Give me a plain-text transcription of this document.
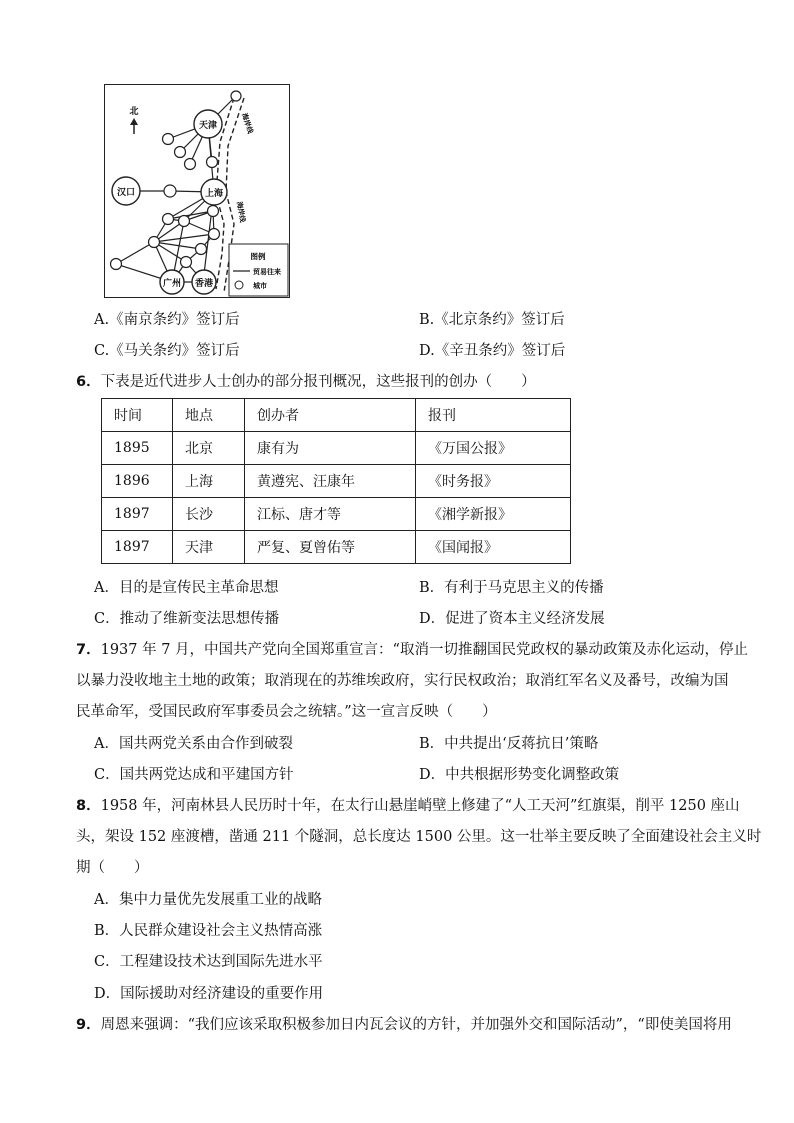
天津
汉口	上海
广州 香港
北
海岸线
海岸线
图例
贸易往来
城市
A.《南京条约》签订后	B.《北京条约》签订后
C.《马关条约》签订后	D.《辛丑条约》签订后
6．下表是近代进步人士创办的部分报刊概况，这些报刊的创办（　　）
时间	地点	创办者	报刊
1895	北京	康有为	《万国公报》
1896	上海	黄遵宪、汪康年	《时务报》
1897	长沙	江标、唐才等	《湘学新报》
1897	天津	严复、夏曾佑等	《国闻报》
A．目的是宣传民主革命思想	B．有利于马克思主义的传播
C．推动了维新变法思想传播	D．促进了资本主义经济发展
7．1937 年 7 月，中国共产党向全国郑重宣言：“取消一切推翻国民党政权的暴动政策及赤化运动，停止
以暴力没收地主土地的政策；取消现在的苏维埃政府，实行民权政治；取消红军名义及番号，改编为国
民革命军，受国民政府军事委员会之统辖。”这一宣言反映（　　）
A．国共两党关系由合作到破裂	B．中共提出‘反蒋抗日’策略
C．国共两党达成和平建国方针	D．中共根据形势变化调整政策
8．1958 年，河南林县人民历时十年，在太行山悬崖峭壁上修建了“人工天河”红旗渠，削平 1250 座山
头，架设 152 座渡槽，凿通 211 个隧洞，总长度达 1500 公里。这一壮举主要反映了全面建设社会主义时
期（　　）
A．集中力量优先发展重工业的战略
B．人民群众建设社会主义热情高涨
C．工程建设技术达到国际先进水平
D．国际援助对经济建设的重要作用
9．周恩来强调：“我们应该采取积极参加日内瓦会议的方针，并加强外交和国际活动”，“即使美国将用
